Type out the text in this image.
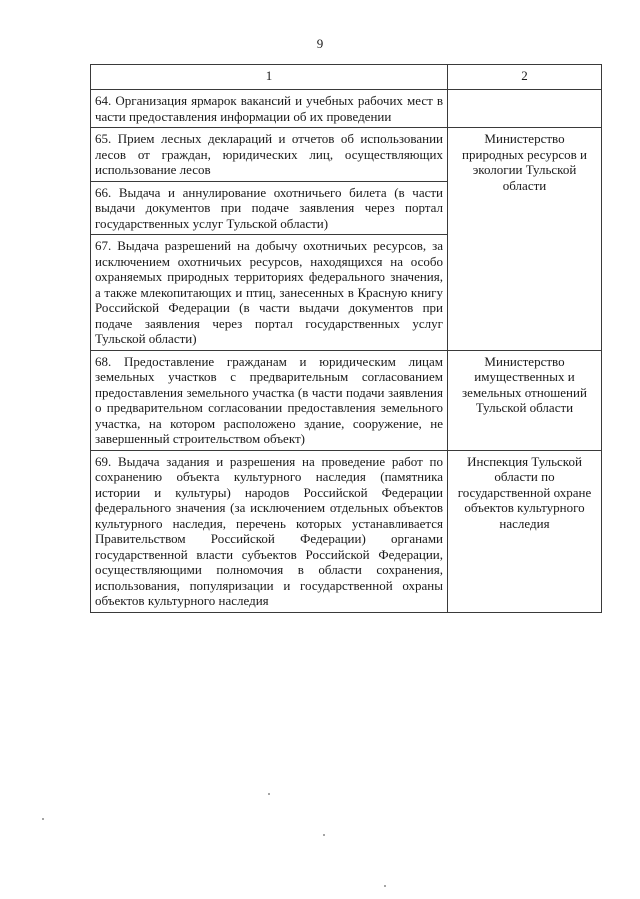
9
1	2
64. Организация ярмарок вакансий и учебных рабочих мест в части предоставления информации об их проведении	
65. Прием лесных деклараций и отчетов об использовании лесов от граждан, юридических лиц, осуществляющих использование лесов	Министерство природных ресурсов и экологии Тульской области
66. Выдача и аннулирование охотничьего билета (в части выдачи документов при подаче заявления через портал государственных услуг Тульской области)	
67. Выдача разрешений на добычу охотничьих ресурсов, за исключением охотничьих ресурсов, находящихся на особо охраняемых природных территориях федерального значения, а также млекопитающих и птиц, занесенных в Красную книгу Российской Федерации (в части выдачи документов при подаче заявления через портал государственных услуг Тульской области)	
68. Предоставление гражданам и юридическим лицам земельных участков с предварительным согласованием предоставления земельного участка (в части подачи заявления о предварительном согласовании предоставления земельного участка, на котором расположено здание, сооружение, не завершенный строительством объект)	Министерство имущественных и земельных отношений Тульской области
69. Выдача задания и разрешения на проведение работ по сохранению объекта культурного наследия (памятника истории и культуры) народов Российской Федерации федерального значения (за исключением отдельных объектов культурного наследия, перечень которых устанавливается Правительством Российской Федерации) органами государственной власти субъектов Российской Федерации, осуществляющими полномочия в области сохранения, использования, популяризации и государственной охраны объектов культурного наследия	Инспекция Тульской области по государственной охране объектов культурного наследия
